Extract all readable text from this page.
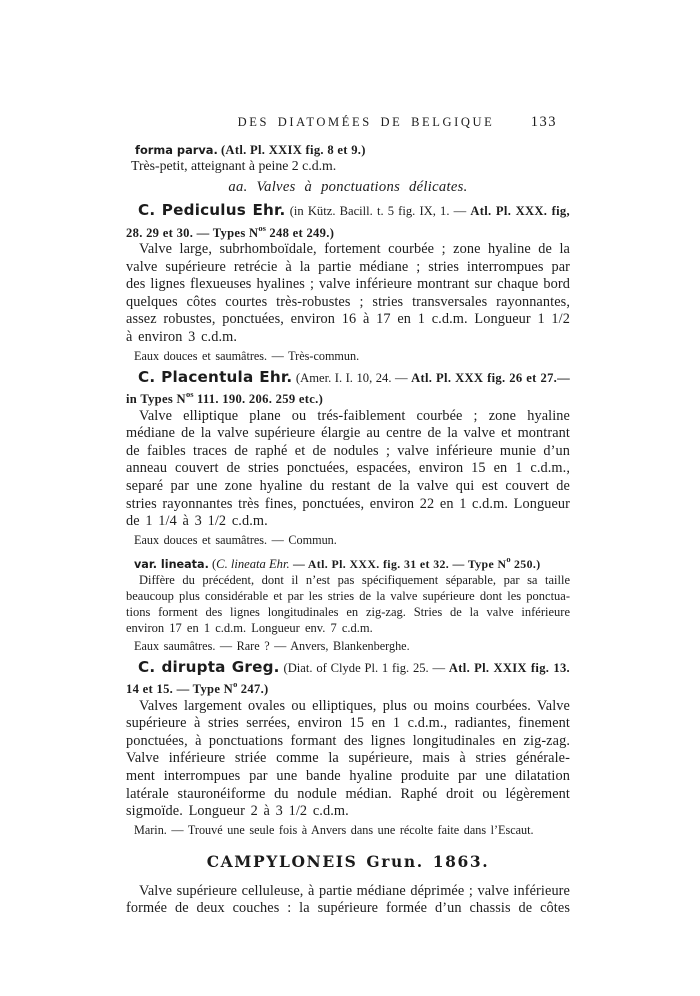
DES DIATOMÉES DE BELGIQUE	133
forma parva. (Atl. Pl. XXIX fig. 8 et 9.)
Très-petit, atteignant à peine 2 c.d.m.
aa. Valves à ponctuations délicates.
C. Pediculus Ehr. (in Kütz. Bacill. t. 5 fig. IX, 1. — Atl. Pl. XXX. fig, 28. 29 et 30. — Types $N^{os}$ 248 et 249.)
Valve large, subrhomboïdale, fortement courbée ; zone hyaline de la
valve supérieure retrécie à la partie médiane ; stries interrompues par
des lignes flexueuses hyalines ; valve inférieure montrant sur chaque bord
quelques côtes courtes très-robustes ; stries transversales rayonnantes,
assez robustes, ponctuées, environ 16 à 17 en 1 c.d.m. Longueur 1 1/2
à environ 3 c.d.m.
Eaux douces et saumâtres. — Très-commun.
C. Placentula Ehr. (Amer. I. I. 10, 24. — Atl. Pl. XXX fig. 26 et 27.— in Types $N^{os}$ 111. 190. 206. 259 etc.)
Valve elliptique plane ou trés-faiblement courbée ; zone hyaline
médiane de la valve supérieure élargie au centre de la valve et montrant
de faibles traces de raphé et de nodules ; valve inférieure munie d’un
anneau couvert de stries ponctuées, espacées, environ 15 en 1 c.d.m.,
separé par une zone hyaline du restant de la valve qui est couvert de
stries rayonnantes très fines, ponctuées, environ 22 en 1 c.d.m. Longueur
de 1 1/4 à 3 1/2 c.d.m.
Eaux douces et saumâtres. — Commun.
var. lineata. (C. lineata Ehr. — Atl. Pl. XXX. fig. 31 et 32. — Type $N^o$ 250.)
Diffère du précédent, dont il n’est pas spécifiquement séparable, par sa taille
beaucoup plus considérable et par les stries de la valve supérieure dont les ponctua-
tions forment des lignes longitudinales en zig-zag. Stries de la valve inférieure
environ 17 en 1 c.d.m. Longueur env. 7 c.d.m.
Eaux saumâtres. — Rare ? — Anvers, Blankenberghe.
C. dirupta Greg. (Diat. of Clyde Pl. 1 fig. 25. — Atl. Pl. XXIX fig. 13. 14 et 15. — Type $N^o$ 247.)
Valves largement ovales ou elliptiques, plus ou moins courbées. Valve
supérieure à stries serrées, environ 15 en 1 c.d.m., radiantes, finement
ponctuées, à ponctuations formant des lignes longitudinales en zig-zag.
Valve inférieure striée comme la supérieure, mais à stries générale-
ment interrompues par une bande hyaline produite par une dilatation
latérale stauronéiforme du nodule médian. Raphé droit ou légèrement
sigmoïde. Longueur 2 à 3 1/2 c.d.m.
Marin. — Trouvé une seule fois à Anvers dans une récolte faite dans l’Escaut.
CAMPYLONEIS Grun. 1863.
Valve supérieure celluleuse, à partie médiane déprimée ; valve inférieure
formée de deux couches : la supérieure formée d’un chassis de côtes
